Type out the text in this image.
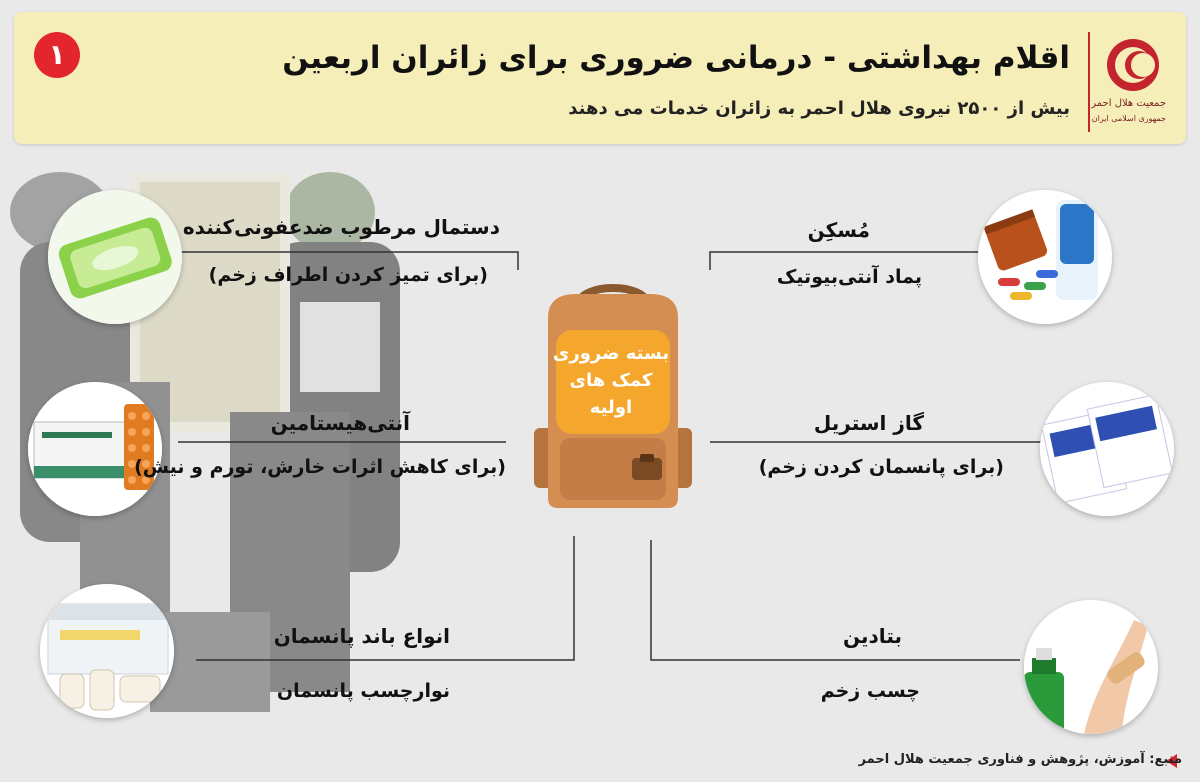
۱	اقلام بهداشتی - درمانی ضروری برای زائران اربعین
بیش از ۲۵۰۰ نیروی هلال احمر به زائران خدمات می دهند جمعیت هلال احمر
جمهوری اسلامی ایران
دستمال مرطوب ضدعفونی‌کننده
(برای تمیز کردن اطراف زخم)
مُسکِن
پماد آنتی‌بیوتیک
آنتی‌هیستامین
(برای کاهش اثرات خارش، تورم و نیش)
گاز استریل
(برای پانسمان کردن زخم)
انواع باند پانسمان
نوارچسب پانسمان
بتادین
چسب زخم
بسته ضروری
کمک های
اولیه
منبع: آموزش، پژوهش و فناوری جمعیت هلال احمر
